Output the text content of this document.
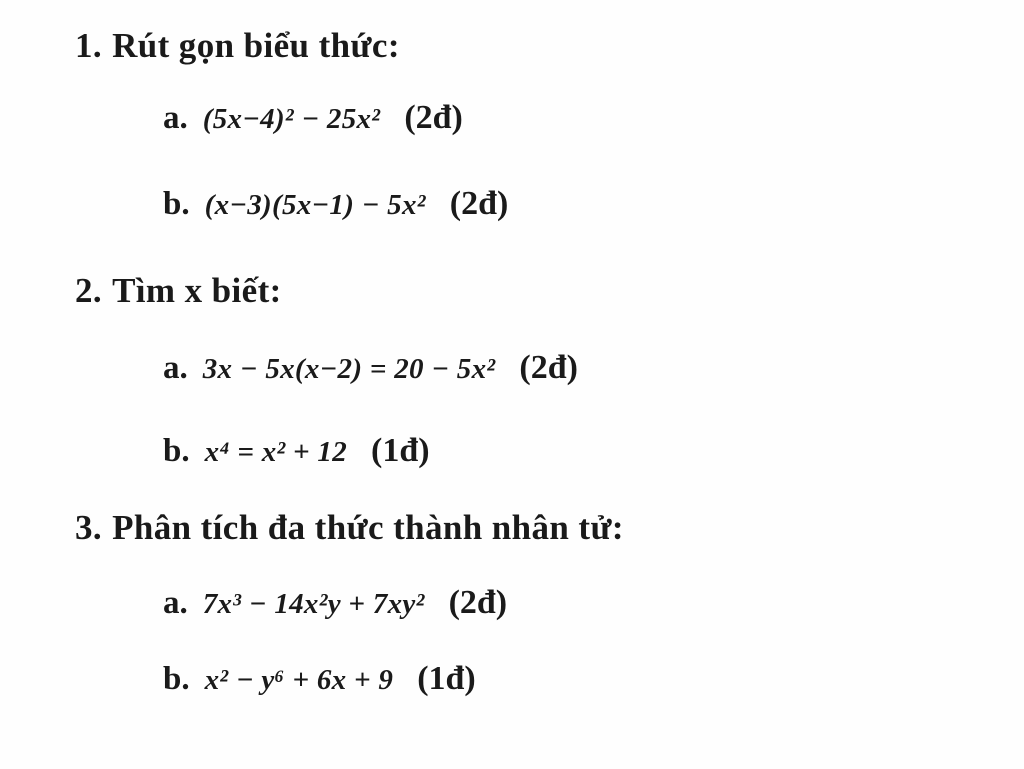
1. Rút gọn biểu thức:
a. (5x−4)² − 25x² (2đ)
b. (x−3)(5x−1) − 5x² (2đ)
2. Tìm x biết:
a. 3x − 5x(x−2) = 20 − 5x² (2đ)
b. x⁴ = x² + 12 (1đ)
3. Phân tích đa thức thành nhân tử:
a. 7x³ − 14x²y + 7xy² (2đ)
b. x² − y⁶ + 6x + 9 (1đ)
